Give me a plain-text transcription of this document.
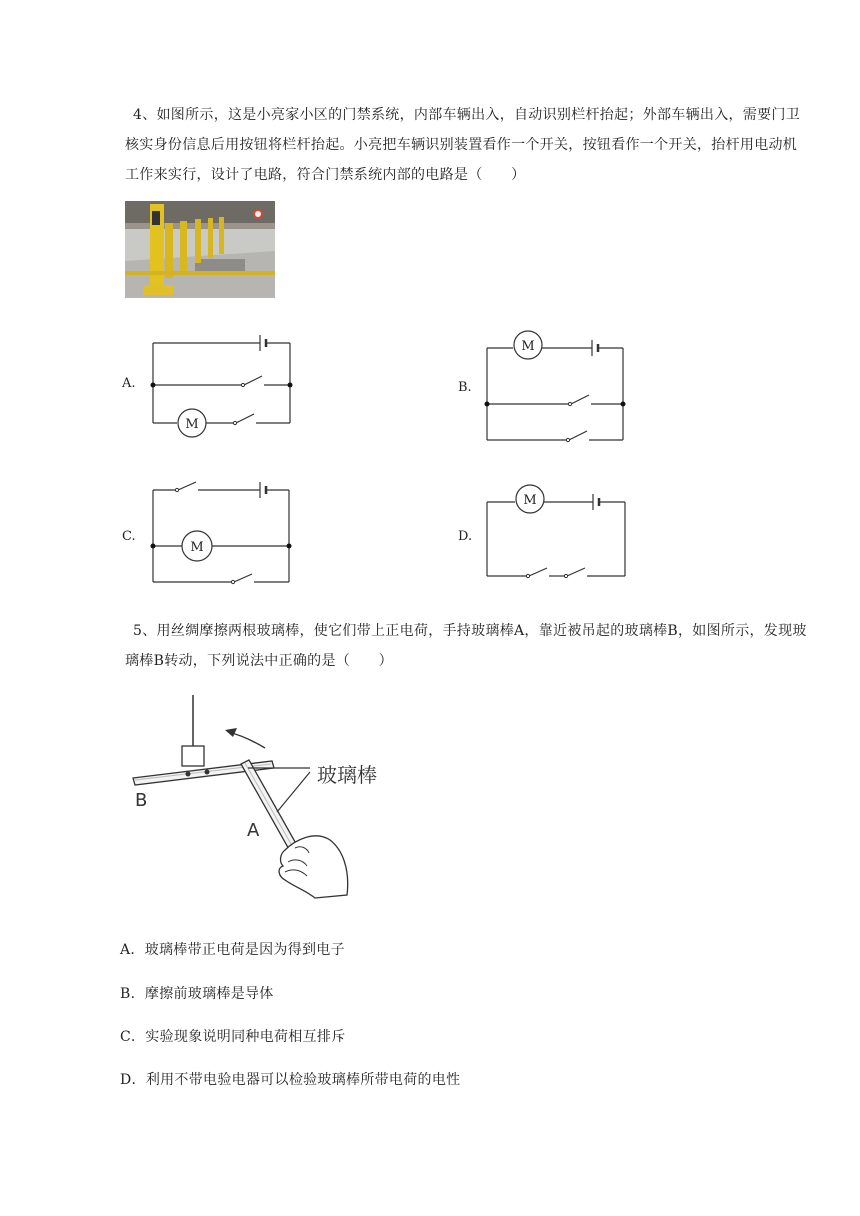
4、如图所示，这是小亮家小区的门禁系统，内部车辆出入，自动识别栏杆抬起；外部车辆出入，需要门卫核实身份信息后用按钮将栏杆抬起。小亮把车辆识别装置看作一个开关，按钮看作一个开关，抬杆用电动机工作来实行，设计了电路，符合门禁系统内部的电路是（　　）

A.
M
B.
M
C.
M
D.
M

5、用丝绸摩擦两根玻璃棒，使它们带上正电荷，手持玻璃棒A，靠近被吊起的玻璃棒B，如图所示，发现玻璃棒B转动，下列说法中正确的是（　　）

玻璃棒
B
A
A．玻璃棒带正电荷是因为得到电子
B．摩擦前玻璃棒是导体
C．实验现象说明同种电荷相互排斥
D．利用不带电验电器可以检验玻璃棒所带电荷的电性
